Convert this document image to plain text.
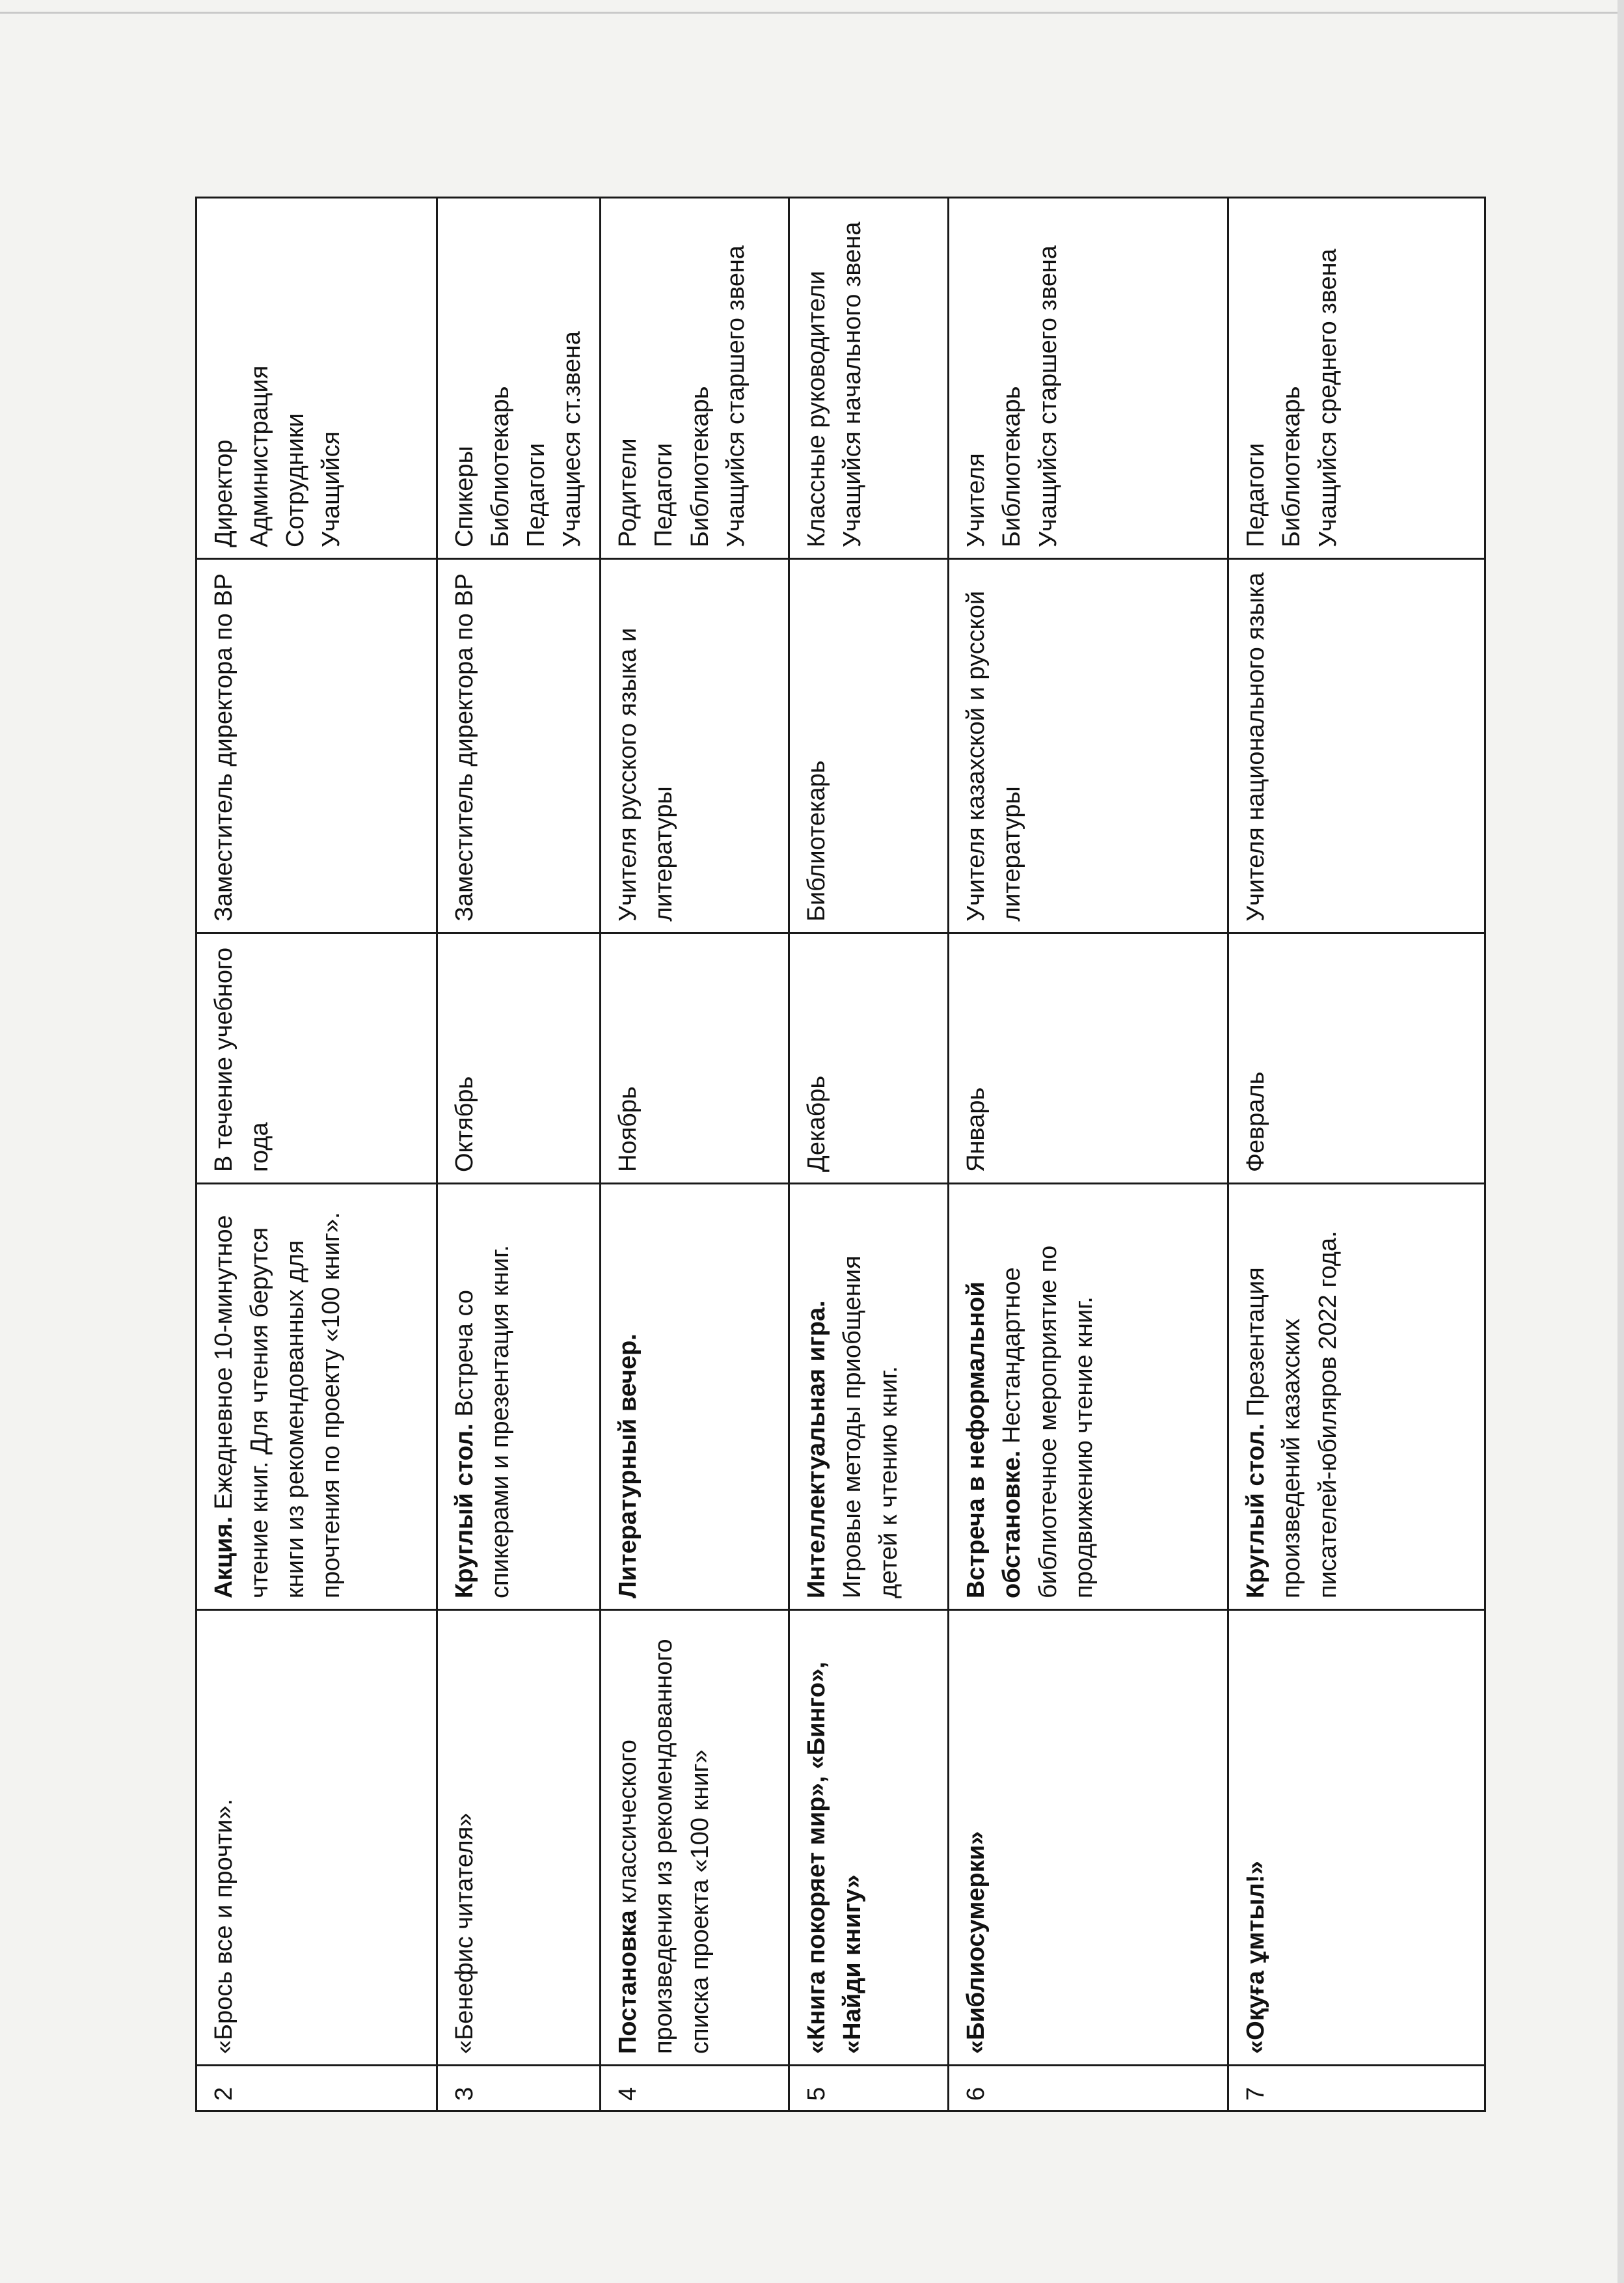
2	«Брось все и прочти».	Акция. Ежедневное 10-минутное чтение книг. Для чтения берутся книги из рекомендованных для прочтения по проекту «100 книг».	В течение учебного года	Заместитель директора по ВР	Директор Администрация Сотрудники Учащийся

3	«Бенефис читателя»	Круглый стол. Встреча со спикерами и презентация книг.	Октябрь	Заместитель директора по ВР	Спикеры Библиотекарь Педагоги Учащиеся ст.звена

4	Постановка классического произведения из рекомендованного списка проекта «100 книг»	Литературный вечер.	Ноябрь	Учителя русского языка и литературы	Родители Педагоги Библиотекарь Учащийся старшего звена

5	«Книга покоряет мир», «Бинго», «Найди книгу»	Интеллектуальная игра. Игровые методы приобщения детей к чтению книг.	Декабрь	Библиотекарь	Классные руководители Учащийся начального звена

6	«Библиосумерки»	Встреча в неформальной обстановке. Нестандартное библиотечное мероприятие по продвижению чтение книг.	Январь	Учителя казахской и русской литературы	Учителя Библиотекарь Учащийся старшего звена

7	«Оқуға ұмтыл!»	Круглый стол. Презентация произведений казахских писателей-юбиляров 2022 года.	Февраль	Учителя национального языка	Педагоги Библиотекарь Учащийся среднего звена
